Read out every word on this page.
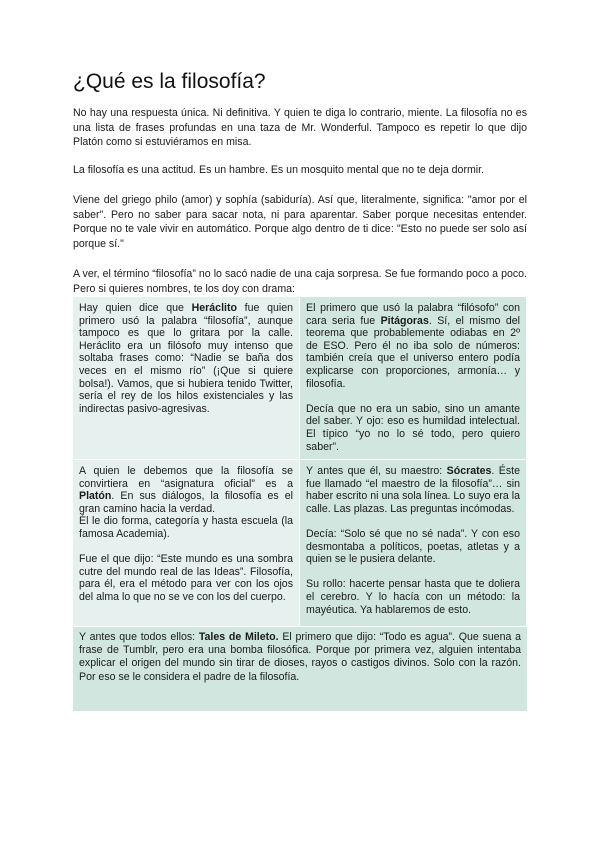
¿Qué es la filosofía?

No hay una respuesta única. Ni definitiva. Y quien te diga lo contrario, miente. La filosofía no es una lista de frases profundas en una taza de Mr. Wonderful. Tampoco es repetir lo que dijo Platón como si estuviéramos en misa.

La filosofía es una actitud. Es un hambre. Es un mosquito mental que no te deja dormir.

Viene del griego philo (amor) y sophía (sabiduría). Así que, literalmente, significa: "amor por el saber". Pero no saber para sacar nota, ni para aparentar. Saber porque necesitas entender. Porque no te vale vivir en automático. Porque algo dentro de ti dice: "Esto no puede ser solo así porque sí."

A ver, el término “filosofía” no lo sacó nadie de una caja sorpresa. Se fue formando poco a poco. Pero si quieres nombres, te los doy con drama:

Hay quien dice que Heráclito fue quien primero usó la palabra “filosofía”, aunque tampoco es que lo gritara por la calle. Heráclito era un filósofo muy intenso que soltaba frases como: “Nadie se baña dos veces en el mismo río” (¡Que si quiere bolsa!). Vamos, que si hubiera tenido Twitter, sería el rey de los hilos existenciales y las indirectas pasivo-agresivas.

El primero que usó la palabra “filósofo” con cara seria fue Pitágoras. Sí, el mismo del teorema que probablemente odiabas en 2º de ESO. Pero él no iba solo de números: también creía que el universo entero podía explicarse con proporciones, armonía… y filosofía.

Decía que no era un sabio, sino un amante del saber. Y ojo: eso es humildad intelectual. El típico “yo no lo sé todo, pero quiero saber”.

A quien le debemos que la filosofía se convirtiera en “asignatura oficial” es a Platón. En sus diálogos, la filosofía es el gran camino hacia la verdad.
Él le dio forma, categoría y hasta escuela (la famosa Academia).

Fue el que dijo: “Este mundo es una sombra cutre del mundo real de las Ideas”. Filosofía, para él, era el método para ver con los ojos del alma lo que no se ve con los del cuerpo.

Y antes que él, su maestro: Sócrates. Éste fue llamado “el maestro de la filosofía”… sin haber escrito ni una sola línea. Lo suyo era la calle. Las plazas. Las preguntas incómodas.

Decía: “Solo sé que no sé nada”. Y con eso desmontaba a políticos, poetas, atletas y a quien se le pusiera delante.

Su rollo: hacerte pensar hasta que te doliera el cerebro. Y lo hacía con un método: la mayéutica. Ya hablaremos de esto.

Y antes que todos ellos: Tales de Mileto. El primero que dijo: “Todo es agua”. Que suena a frase de Tumblr, pero era una bomba filosófica. Porque por primera vez, alguien intentaba explicar el origen del mundo sin tirar de dioses, rayos o castigos divinos. Solo con la razón. Por eso se le considera el padre de la filosofía.
